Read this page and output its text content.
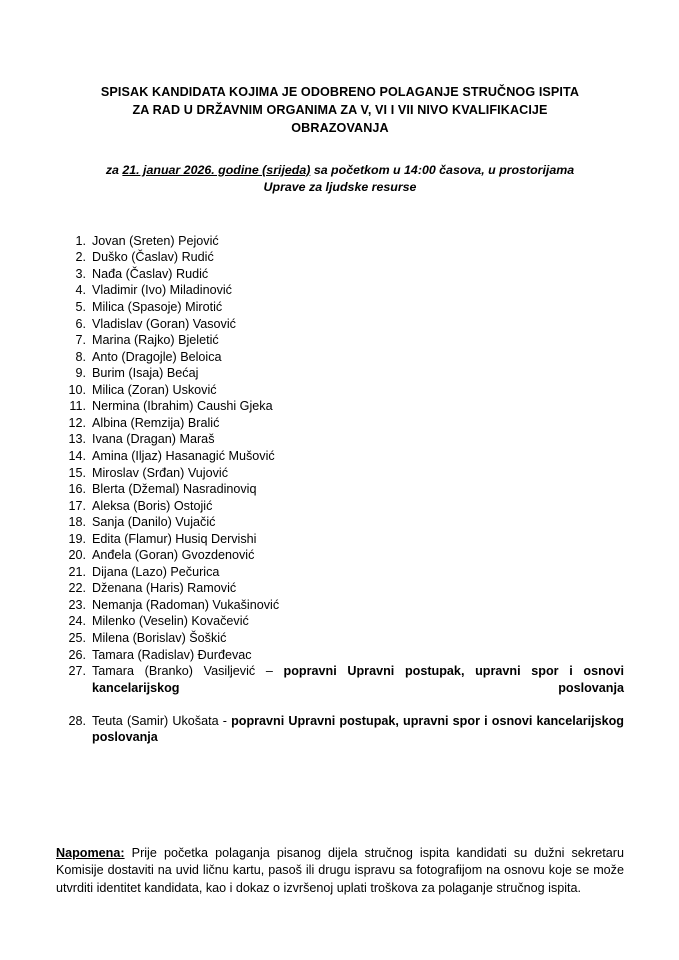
SPISAK KANDIDATA KOJIMA JE ODOBRENO POLAGANJE STRUČNOG ISPITA
ZA RAD U DRŽAVNIM ORGANIMA ZA V, VI I VII NIVO KVALIFIKACIJE
OBRAZOVANJA

za 21. januar 2026. godine (srijeda) sa početkom u 14:00 časova, u prostorijama
Uprave za ljudske resurse

1. Jovan (Sreten) Pejović
2. Duško (Časlav) Rudić
3. Nađa (Časlav) Rudić
4. Vladimir (Ivo) Miladinović
5. Milica (Spasoje) Mirotić
6. Vladislav (Goran) Vasović
7. Marina (Rajko) Bjeletić
8. Anto (Dragojle) Beloica
9. Burim (Isaja) Bećaj
10. Milica (Zoran) Usković
11. Nermina (Ibrahim) Caushi Gjeka
12. Albina (Remzija) Bralić
13. Ivana (Dragan) Maraš
14. Amina (Iljaz) Hasanagić Mušović
15. Miroslav (Srđan) Vujović
16. Blerta (Džemal) Nasradinoviq
17. Aleksa (Boris) Ostojić
18. Sanja (Danilo) Vujačić
19. Edita (Flamur) Husiq Dervishi
20. Anđela (Goran) Gvozdenović
21. Dijana (Lazo) Pečurica
22. Dženana (Haris) Ramović
23. Nemanja (Radoman) Vukašinović
24. Milenko (Veselin) Kovačević
25. Milena (Borislav) Šoškić
26. Tamara (Radislav) Đurđevac
27. Tamara (Branko) Vasiljević – popravni Upravni postupak, upravni spor i osnovi kancelarijskog poslovanja
28. Teuta (Samir) Ukošata - popravni Upravni postupak, upravni spor i osnovi kancelarijskog poslovanja

Napomena: Prije početka polaganja pisanog dijela stručnog ispita kandidati su dužni sekretaru Komisije dostaviti na uvid ličnu kartu, pasoš ili drugu ispravu sa fotografijom na osnovu koje se može utvrditi identitet kandidata, kao i dokaz o izvršenoj uplati troškova za polaganje stručnog ispita.
